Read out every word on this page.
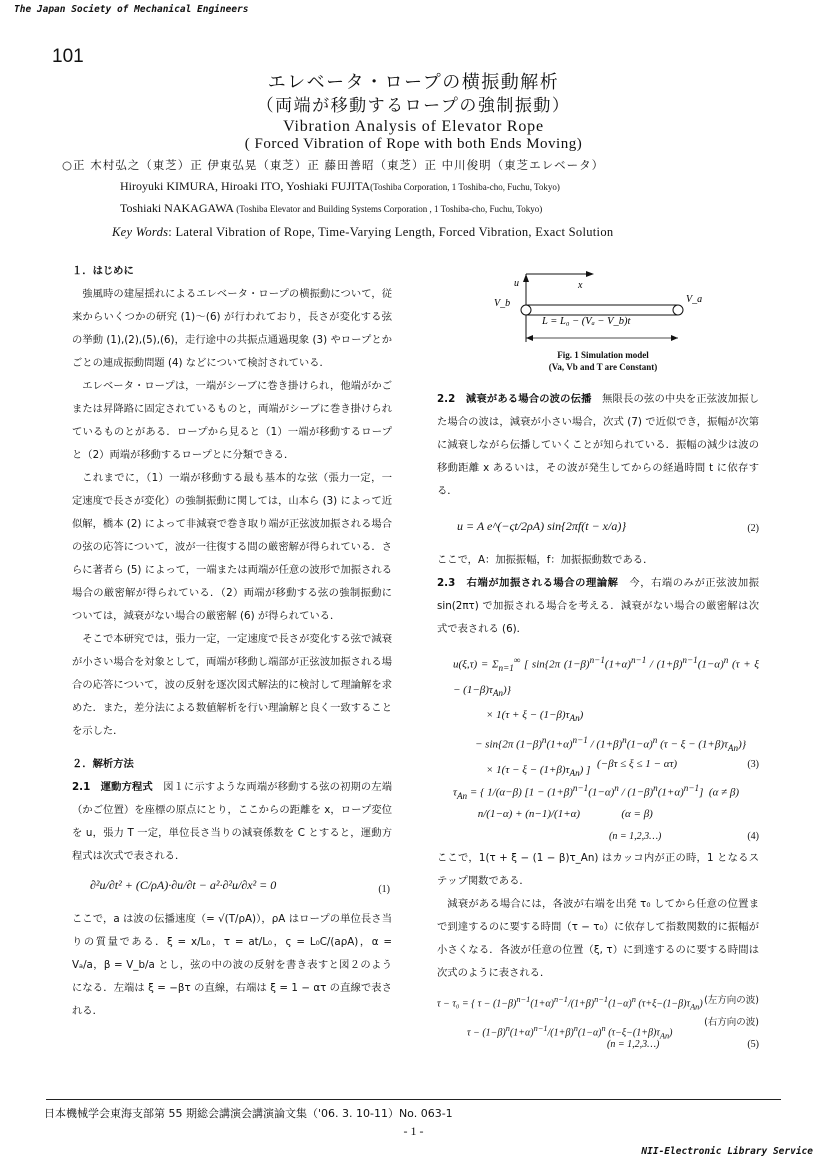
The Japan Society of Mechanical Engineers
101
エレベータ・ロープの横振動解析
（両端が移動するロープの強制振動）
Vibration Analysis of Elevator Rope
( Forced Vibration of Rope with both Ends Moving)
○正 木村弘之（東芝）正 伊東弘晃（東芝）正 藤田善昭（東芝）正 中川俊明（東芝エレベータ）
Hiroyuki KIMURA, Hiroaki ITO, Yoshiaki FUJITA(Toshiba Corporation, 1 Toshiba-cho, Fuchu, Tokyo)
Toshiaki NAKAGAWA (Toshiba Elevator and Building Systems Corporation , 1 Toshiba-cho, Fuchu, Tokyo)
Key Words: Lateral Vibration of Rope, Time-Varying Length, Forced Vibration, Exact Solution
１．はじめに

強風時の建屋揺れによるエレベータ・ロープの横振動について，従来からいくつかの研究 (1)～(6) が行われており，長さが変化する弦の挙動 (1),(2),(5),(6)，走行途中の共振点通過現象 (3) やロープとかごとの連成振動問題 (4) などについて検討されている．

エレベータ・ロープは，一端がシーブに巻き掛けられ，他端がかごまたは昇降路に固定されているものと，両端がシーブに巻き掛けられているものとがある．ロープから見ると（1）一端が移動するロープと（2）両端が移動するロープとに分類できる．

これまでに，（1）一端が移動する最も基本的な弦（張力一定，一定速度で長さが変化）の強制振動に関しては，山本ら (3) によって近似解，橋本 (2) によって非減衰で巻き取り端が正弦波加振される場合の弦の応答について，波が一往復する間の厳密解が得られている．さらに著者ら (5) によって，一端または両端が任意の波形で加振される場合の厳密解が得られている．（2）両端が移動する弦の強制振動については，減衰がない場合の厳密解 (6) が得られている．

そこで本研究では，張力一定，一定速度で長さが変化する弦で減衰が小さい場合を対象として，両端が移動し端部が正弦波加振される場合の応答について，波の反射を逐次図式解法的に検討して理論解を求めた．また，差分法による数値解析を行い理論解と良く一致することを示した．

２．解析方法

2.1　運動方程式　 図１に示すような両端が移動する弦の初期の左端（かご位置）を座標の原点にとり，ここからの距離を x，ロープ変位を u，張力 T 一定，単位長さ当りの減衰係数を C とすると，運動方程式は次式で表される．

∂²u/∂t² + (C/ρA)·∂u/∂t − a²·∂²u/∂x² = 0	(1)

ここで，a は波の伝播速度（= √(T/ρA)），ρA はロープの単位長さ当りの質量である．ξ = x/L₀，τ = at/L₀，ς = L₀C/(aρA)，α = Vₐ/a，β = V_b/a とし，弦の中の波の反射を書き表すと図２のようになる．左端は ξ = −βτ の直線，右端は ξ = 1 − ατ の直線で表される．

u	x
V_b	V_a
L = L₀ − (Vₐ − V_b)t
Fig. 1 Simulation model
(Va, Vb and T are Constant)

2.2　減衰がある場合の波の伝播　 無限長の弦の中央を正弦波加振した場合の波は，減衰が小さい場合，次式 (7) で近似でき，振幅が次第に減衰しながら伝播していくことが知られている．振幅の減少は波の移動距離 x あるいは，その波が発生してからの経過時間 t に依存する．

u = A e^(−ςt/2ρA) sin{2πf(t − x/a)}	(2)

ここで，A：加振振幅，f：加振振動数である．

2.3　右端が加振される場合の理論解　 今，右端のみが正弦波加振 sin(2πτ) で加振される場合を考える．減衰がない場合の厳密解は次式で表される (6)．

$u(\xi,\tau) = \Sigma_{n=1}^\infty$ [ sin{2π $(1-\beta)^{n-1}(1+\alpha)^{n-1} / (1+\beta)^{n-1}(1-\alpha)^n$ $(\tau + \xi - (1-\beta)\tau_{An})$}
× $1(\tau + \xi - (1-\beta)\tau_{An})$
− sin{2π $(1-\beta)^n(1+\alpha)^{n-1} / (1+\beta)^n(1-\alpha)^n$ $(\tau - \xi - (1+\beta)\tau_{An})$}
× $1(\tau - \xi - (1+\beta)\tau_{An})$ ]
(−βτ ≤ ξ ≤ 1 − ατ)	(3)
$\tau_{An}$ = { 1/(α−β) $[1 - (1+\beta)^{n-1}(1-\alpha)^n / (1-\beta)^n(1+\alpha)^{n-1}]$  (α ≠ β)
n/(1−α) + (n−1)/(1+α)               (α = β)
(n = 1,2,3…)	(4)

ここで，1(τ + ξ − (1 − β)τ_An) はカッコ内が正の時，1 となるステップ関数である．

減衰がある場合には，各波が右端を出発 τ₀ してから任意の位置まで到達するのに要する時間（τ − τ₀）に依存して指数関数的に振幅が小さくなる．各波が任意の位置（ξ, τ）に到達するのに要する時間は次式のように表される．

τ − τ₀ = { $\tau - (1-\beta)^{n-1}(1+\alpha)^{n-1}/(1+\beta)^{n-1}(1-\alpha)^n$ $(\tau+\xi-(1-\beta)\tau_{An})$
$\tau - (1-\beta)^n(1+\alpha)^{n-1}/(1+\beta)^n(1-\alpha)^n$ $(\tau-\xi-(1+\beta)\tau_{An})$
(左方向の波)
(右方向の波)
(n = 1,2,3…)	(5)
日本機械学会東海支部第 55 期総会講演会講演論文集（'06. 3. 10-11）No. 063-1
- 1 -
NII-Electronic Library Service
